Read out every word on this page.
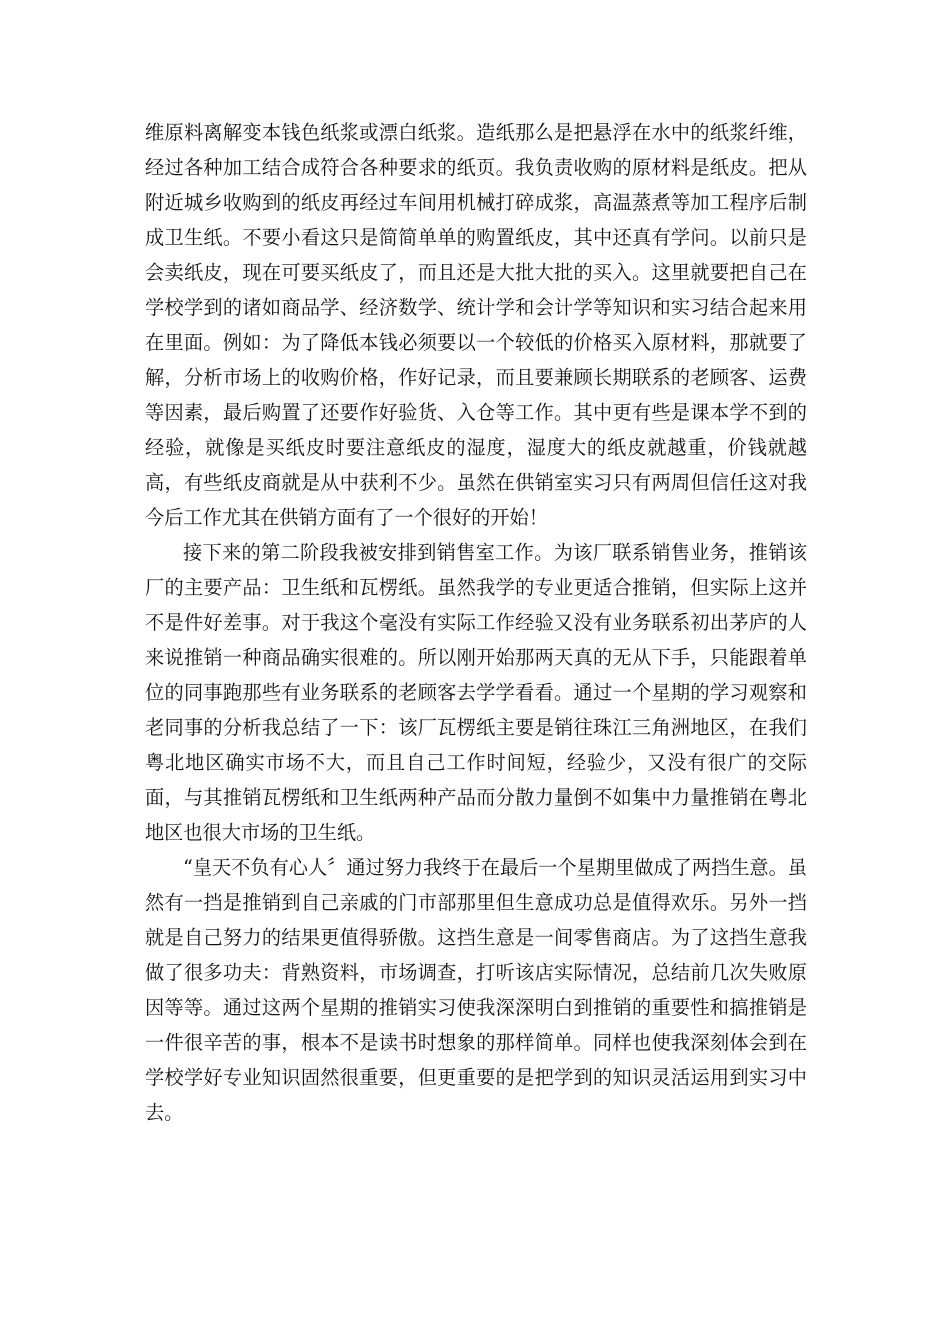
维原料离解变本钱色纸浆或漂白纸浆。造纸那么是把悬浮在水中的纸浆纤维，经过各种加工结合成符合各种要求的纸页。我负责收购的原材料是纸皮。把从附近城乡收购到的纸皮再经过车间用机械打碎成浆，高温蒸煮等加工程序后制成卫生纸。不要小看这只是简简单单的购置纸皮，其中还真有学问。以前只是会卖纸皮，现在可要买纸皮了，而且还是大批大批的买入。这里就要把自己在学校学到的诸如商品学、经济数学、统计学和会计学等知识和实习结合起来用在里面。例如：为了降低本钱必须要以一个较低的价格买入原材料，那就要了解，分析市场上的收购价格，作好记录，而且要兼顾长期联系的老顾客、运费等因素，最后购置了还要作好验货、入仓等工作。其中更有些是课本学不到的经验，就像是买纸皮时要注意纸皮的湿度，湿度大的纸皮就越重，价钱就越高，有些纸皮商就是从中获利不少。虽然在供销室实习只有两周但信任这对我今后工作尤其在供销方面有了一个很好的开始！

接下来的第二阶段我被安排到销售室工作。为该厂联系销售业务，推销该厂的主要产品：卫生纸和瓦楞纸。虽然我学的专业更适合推销，但实际上这并不是件好差事。对于我这个毫没有实际工作经验又没有业务联系初出茅庐的人来说推销一种商品确实很难的。所以刚开始那两天真的无从下手，只能跟着单位的同事跑那些有业务联系的老顾客去学学看看。通过一个星期的学习观察和老同事的分析我总结了一下：该厂瓦楞纸主要是销往珠江三角洲地区，在我们粤北地区确实市场不大，而且自己工作时间短，经验少，又没有很广的交际面，与其推销瓦楞纸和卫生纸两种产品而分散力量倒不如集中力量推销在粤北地区也很大市场的卫生纸。

“皇天不负有心人〞通过努力我终于在最后一个星期里做成了两挡生意。虽然有一挡是推销到自己亲戚的门市部那里但生意成功总是值得欢乐。另外一挡就是自己努力的结果更值得骄傲。这挡生意是一间零售商店。为了这挡生意我做了很多功夫：背熟资料，市场调查，打听该店实际情况，总结前几次失败原因等等。通过这两个星期的推销实习使我深深明白到推销的重要性和搞推销是一件很辛苦的事，根本不是读书时想象的那样简单。同样也使我深刻体会到在学校学好专业知识固然很重要，但更重要的是把学到的知识灵活运用到实习中去。
